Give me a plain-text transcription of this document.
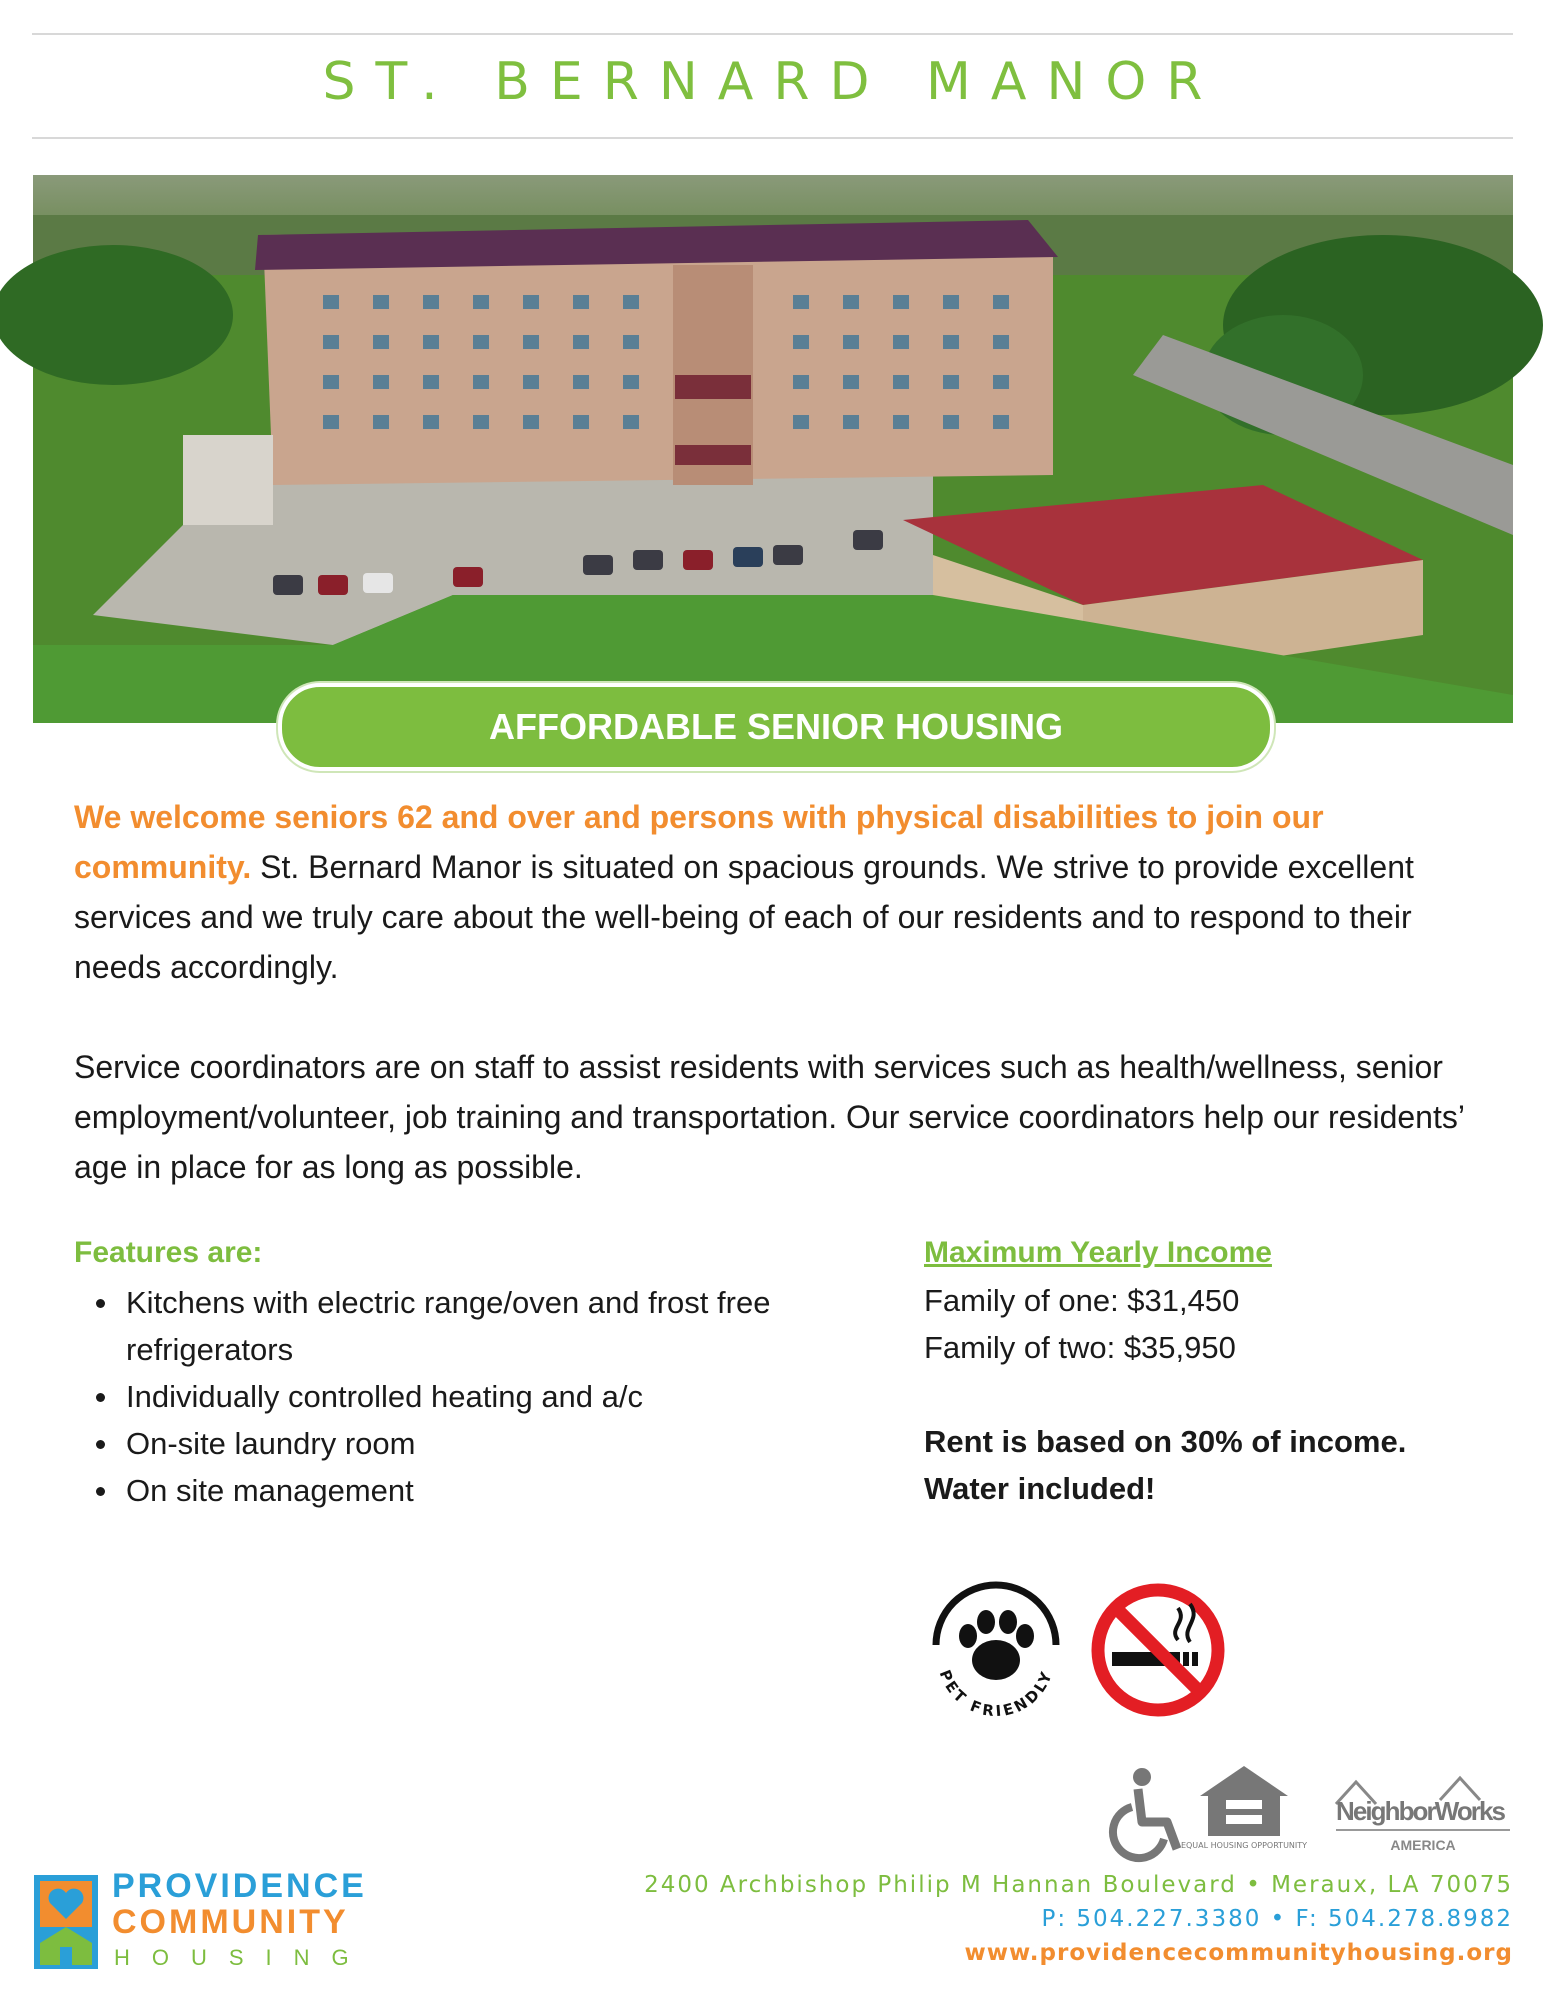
ST. BERNARD MANOR
AFFORDABLE SENIOR HOUSING
We welcome seniors 62 and over and persons with physical disabilities to join our community. St. Bernard Manor is situated on spacious grounds. We strive to provide excellent services and we truly care about the well-being of each of our residents and to respond to their needs accordingly.
Service coordinators are on staff to assist residents with services such as health/wellness, senior employment/volunteer, job training and transportation. Our service coordinators help our residents’ age in place for as long as possible.
Features are:
Kitchens with electric range/oven and frost free refrigerators
Individually controlled heating and a/c
On-site laundry room
On site management
Maximum Yearly Income
Family of one: $31,450
Family of two: $35,950
Rent is based on 30% of income.
Water included!
PET FRIENDLY
EQUAL HOUSING OPPORTUNITY
NeighborWorks
AMERICA
2400 Archbishop Philip M Hannan Boulevard • Meraux, LA 70075
P: 504.227.3380 • F: 504.278.8982
www.providencecommunityhousing.org
PROVIDENCE
COMMUNITY
HOUSING
